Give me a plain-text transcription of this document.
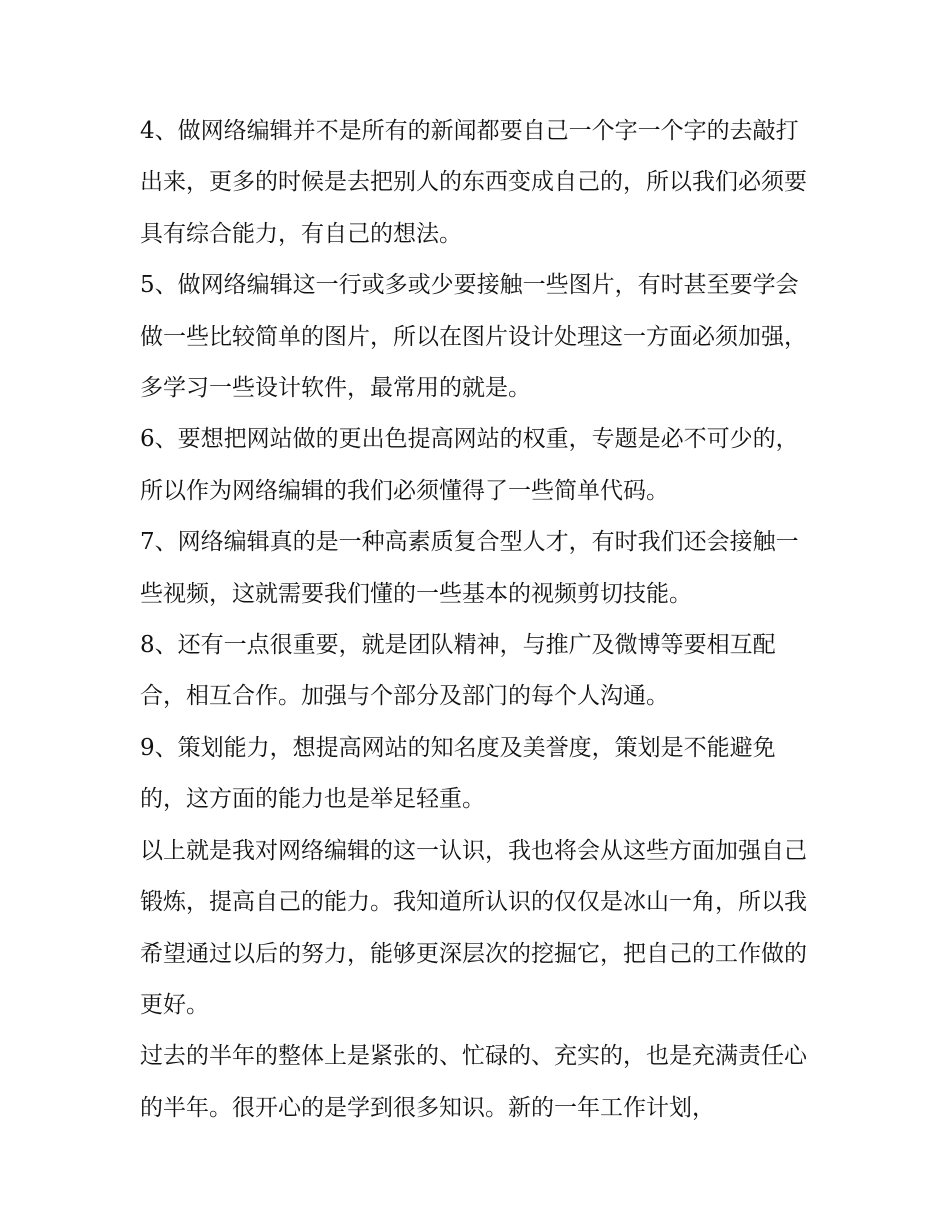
4、做网络编辑并不是所有的新闻都要自己一个字一个字的去敲打出来，更多的时候是去把别人的东西变成自己的，所以我们必须要具有综合能力，有自己的想法。

5、做网络编辑这一行或多或少要接触一些图片，有时甚至要学会做一些比较简单的图片，所以在图片设计处理这一方面必须加强，多学习一些设计软件，最常用的就是。

6、要想把网站做的更出色提高网站的权重，专题是必不可少的，所以作为网络编辑的我们必须懂得了一些简单代码。

7、网络编辑真的是一种高素质复合型人才，有时我们还会接触一些视频，这就需要我们懂的一些基本的视频剪切技能。

8、还有一点很重要，就是团队精神，与推广及微博等要相互配合，相互合作。加强与个部分及部门的每个人沟通。

9、策划能力，想提高网站的知名度及美誉度，策划是不能避免的，这方面的能力也是举足轻重。

以上就是我对网络编辑的这一认识，我也将会从这些方面加强自己锻炼，提高自己的能力。我知道所认识的仅仅是冰山一角，所以我希望通过以后的努力，能够更深层次的挖掘它，把自己的工作做的更好。

过去的半年的整体上是紧张的、忙碌的、充实的，也是充满责任心的半年。很开心的是学到很多知识。新的一年工作计划，
